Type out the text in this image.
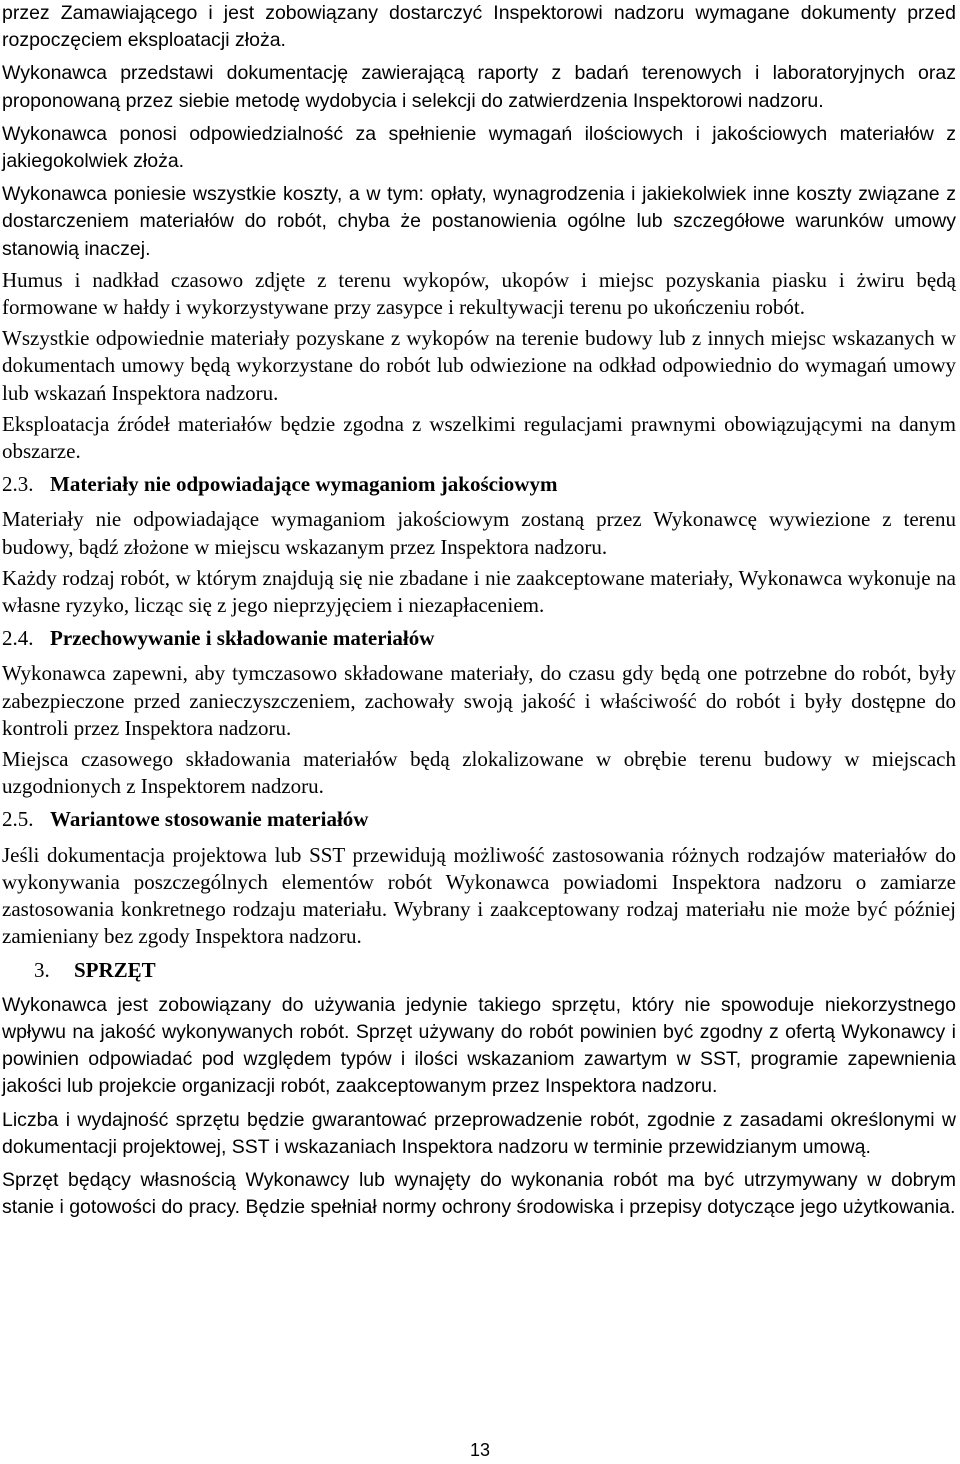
przez Zamawiającego i jest zobowiązany dostarczyć Inspektorowi nadzoru wymagane dokumenty przed rozpoczęciem eksploatacji złoża.

Wykonawca przedstawi dokumentację zawierającą raporty z badań terenowych i laboratoryjnych oraz proponowaną przez siebie metodę wydobycia i selekcji do zatwierdzenia Inspektorowi nadzoru.

Wykonawca ponosi odpowiedzialność za spełnienie wymagań ilościowych i jakościowych materiałów z jakiegokolwiek złoża.

Wykonawca poniesie wszystkie koszty, a w tym: opłaty, wynagrodzenia i jakiekolwiek inne koszty związane z dostarczeniem materiałów do robót, chyba że postanowienia ogólne lub szczegółowe warunków umowy stanowią inaczej.

Humus i nadkład czasowo zdjęte z terenu wykopów, ukopów i miejsc pozyskania piasku i żwiru będą formowane w hałdy i wykorzystywane przy zasypce i rekultywacji terenu po ukończeniu robót.

Wszystkie odpowiednie materiały pozyskane z wykopów na terenie budowy lub z innych miejsc wskazanych w dokumentach umowy będą wykorzystane do robót lub odwiezione na odkład odpowiednio do wymagań umowy lub wskazań Inspektora nadzoru.

Eksploatacja źródeł materiałów będzie zgodna z wszelkimi regulacjami prawnymi obowiązującymi na danym obszarze.

2.3. Materiały nie odpowiadające wymaganiom jakościowym

Materiały nie odpowiadające wymaganiom jakościowym zostaną przez Wykonawcę wywiezione z terenu budowy, bądź złożone w miejscu wskazanym przez Inspektora nadzoru.

Każdy rodzaj robót, w którym znajdują się nie zbadane i nie zaakceptowane materiały, Wykonawca wykonuje na własne ryzyko, licząc się z jego nieprzyjęciem i niezapłaceniem.

2.4. Przechowywanie i składowanie materiałów

Wykonawca zapewni, aby tymczasowo składowane materiały, do czasu gdy będą one potrzebne do robót, były zabezpieczone przed zanieczyszczeniem, zachowały swoją jakość i właściwość do robót i były dostępne do kontroli przez Inspektora nadzoru.

Miejsca czasowego składowania materiałów będą zlokalizowane w obrębie terenu budowy w miejscach uzgodnionych z Inspektorem nadzoru.

2.5. Wariantowe stosowanie materiałów

Jeśli dokumentacja projektowa lub SST przewidują możliwość zastosowania różnych rodzajów materiałów do wykonywania poszczególnych elementów robót Wykonawca powiadomi Inspektora nadzoru o zamiarze zastosowania konkretnego rodzaju materiału. Wybrany i zaakceptowany rodzaj materiału nie może być później zamieniany bez zgody Inspektora nadzoru.

3. SPRZĘT

Wykonawca jest zobowiązany do używania jedynie takiego sprzętu, który nie spowoduje niekorzystnego wpływu na jakość wykonywanych robót. Sprzęt używany do robót powinien być zgodny z ofertą Wykonawcy i powinien odpowiadać pod względem typów i ilości wskazaniom zawartym w SST, programie zapewnienia jakości lub projekcie organizacji robót, zaakceptowanym przez Inspektora nadzoru.

Liczba i wydajność sprzętu będzie gwarantować przeprowadzenie robót, zgodnie z zasadami określonymi w dokumentacji projektowej, SST i wskazaniach Inspektora nadzoru w terminie przewidzianym umową.

Sprzęt będący własnością Wykonawcy lub wynajęty do wykonania robót ma być utrzymywany w dobrym stanie i gotowości do pracy. Będzie spełniał normy ochrony środowiska i przepisy dotyczące jego użytkowania.

13
